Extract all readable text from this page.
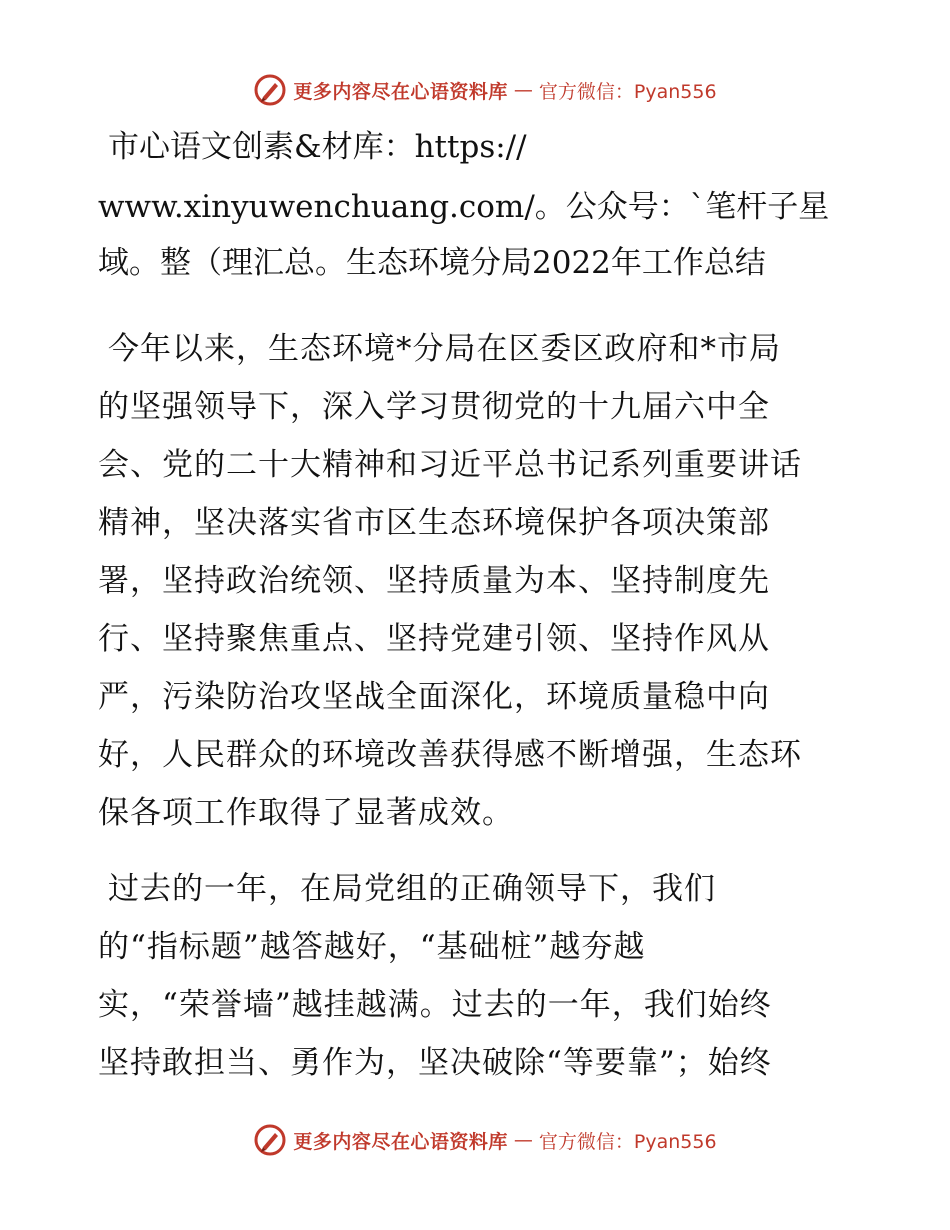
更多内容尽在心语资料库 — 官方微信：Pyan556
市心语文创素&材库：https://
www.xinyuwenchuang.com/。公众号：`笔杆子星
域。整（理汇总。生态环境分局2022年工作总结
今年以来，生态环境*分局在区委区政府和*市局
的坚强领导下，深入学习贯彻党的十九届六中全
会、党的二十大精神和习近平总书记系列重要讲话
精神，坚决落实省市区生态环境保护各项决策部
署，坚持政治统领、坚持质量为本、坚持制度先
行、坚持聚焦重点、坚持党建引领、坚持作风从
严，污染防治攻坚战全面深化，环境质量稳中向
好，人民群众的环境改善获得感不断增强，生态环
保各项工作取得了显著成效。
过去的一年，在局党组的正确领导下，我们
的“指标题”越答越好，“基础桩”越夯越
实，“荣誉墙”越挂越满。过去的一年，我们始终
坚持敢担当、勇作为，坚决破除“等要靠”；始终
更多内容尽在心语资料库 — 官方微信：Pyan556
